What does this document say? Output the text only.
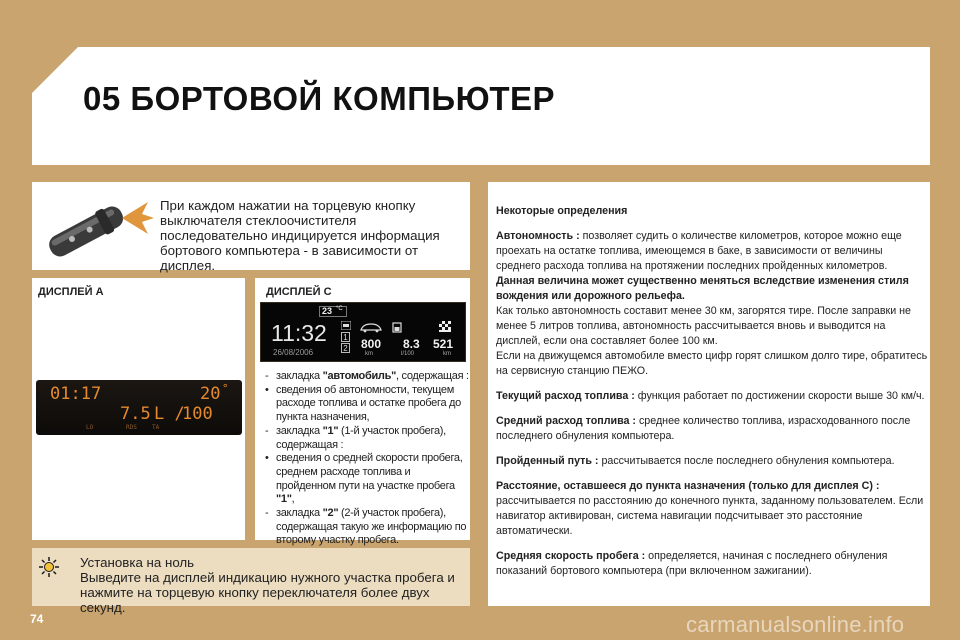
05 БОРТОВОЙ КОМПЬЮТЕР

При каждом нажатии на торцевую кнопку выключателя стеклоочистителя последовательно индицируется информация бортового компьютера - в зависимости от дисплея.

ДИСПЛЕЙ А
01:17	20 °
7.5 L /
100
LO	RDS	TA
ДИСПЛЕЙ С
23 °C
11:32
26/08/2006
1
2 800
km
8.3
l/100
521
km
- закладка "автомобиль", содержащая :
• сведения об автономности, текущем расходе топлива и остатке пробега до пункта назначения,
- закладка "1" (1-й участок пробега), содержащая :
• сведения о средней скорости пробега, среднем расходе топлива и пройденном пути на участке пробега "1",
- закладка "2" (2-й участок пробега), содержащая такую же информацию по второму участку пробега.
Установка на ноль
Выведите на дисплей индикацию нужного участка пробега и нажмите на торцевую кнопку переключателя более двух секунд.

Некоторые определения

Автономность : позволяет судить о количестве километров, которое можно еще проехать на остатке топлива, имеющемся в баке, в зависимости от величины среднего расхода топлива на протяжении последних пройденных километров.

Данная величина может существенно меняться вследствие изменения стиля вождения или дорожного рельефа.

Как только автономность составит менее 30 км, загорятся тире. После заправки не менее 5 литров топлива, автономность рассчитывается вновь и выводится на дисплей, если она составляет более 100 км.

Если на движущемся автомобиле вместо цифр горят слишком долго тире, обратитесь на сервисную станцию ПЕЖО.

Текущий расход топлива : функция работает по достижении скорости выше 30 км/ч.

Средний расход топлива : среднее количество топлива, израсходованного после последнего обнуления компьютера.

Пройденный путь : рассчитывается после последнего обнуления компьютера.

Расстояние, оставшееся до пункта назначения (только для дисплея С) : рассчитывается по расстоянию до конечного пункта, заданному пользователем. Если навигатор активирован, система навигации подсчитывает это расстояние автоматически.

Средняя скорость пробега : определяется, начиная с последнего обнуления показаний бортового компьютера (при включенном зажигании).

74	carmanualsonline.info
